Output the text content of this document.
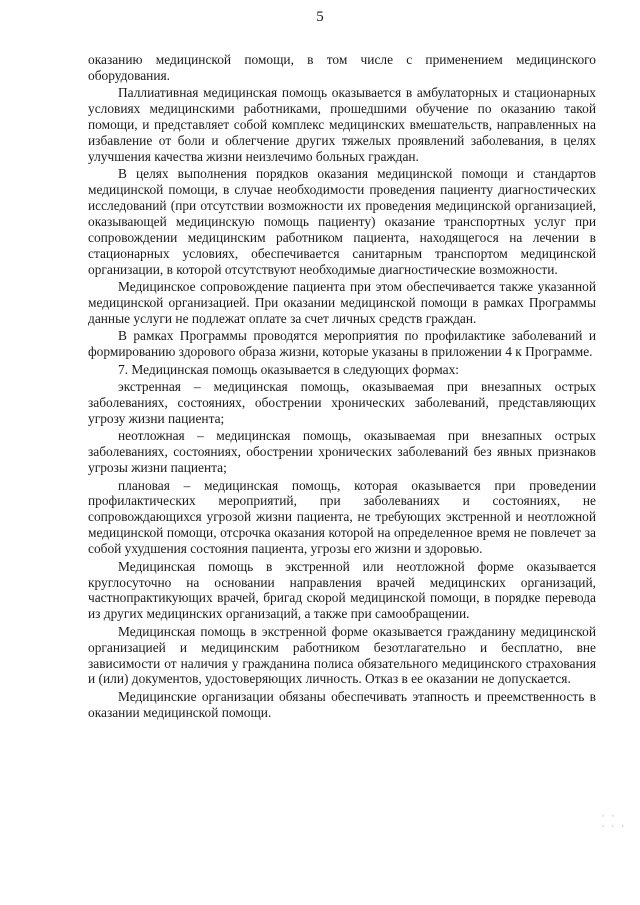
5

оказанию медицинской помощи, в том числе с применением медицинского оборудования.

Паллиативная медицинская помощь оказывается в амбулаторных и стационарных условиях медицинскими работниками, прошедшими обучение по оказанию такой помощи, и представляет собой комплекс медицинских вмешательств, направленных на избавление от боли и облегчение других тяжелых проявлений заболевания, в целях улучшения качества жизни неизлечимо больных граждан.

В целях выполнения порядков оказания медицинской помощи и стандартов медицинской помощи, в случае необходимости проведения пациенту диагностических исследований (при отсутствии возможности их проведения медицинской организацией, оказывающей медицинскую помощь пациенту) оказание транспортных услуг при сопровождении медицинским работником пациента, находящегося на лечении в стационарных условиях, обеспечивается санитарным транспортом медицинской организации, в которой отсутствуют необходимые диагностические возможности.

Медицинское сопровождение пациента при этом обеспечивается также указанной медицинской организацией. При оказании медицинской помощи в рамках Программы данные услуги не подлежат оплате за счет личных средств граждан.

В рамках Программы проводятся мероприятия по профилактике заболеваний и формированию здорового образа жизни, которые указаны в приложении 4 к Программе.

7. Медицинская помощь оказывается в следующих формах:

экстренная – медицинская помощь, оказываемая при внезапных острых заболеваниях, состояниях, обострении хронических заболеваний, представляющих угрозу жизни пациента;

неотложная – медицинская помощь, оказываемая при внезапных острых заболеваниях, состояниях, обострении хронических заболеваний без явных признаков угрозы жизни пациента;

плановая – медицинская помощь, которая оказывается при проведении профилактических мероприятий, при заболеваниях и состояниях, не сопровождающихся угрозой жизни пациента, не требующих экстренной и неотложной медицинской помощи, отсрочка оказания которой на определенное время не повлечет за собой ухудшения состояния пациента, угрозы его жизни и здоровью.

Медицинская помощь в экстренной или неотложной форме оказывается круглосуточно на основании направления врачей медицинских организаций, частнопрактикующих врачей, бригад скорой медицинской помощи, в порядке перевода из других медицинских организаций, а также при самообращении.

Медицинская помощь в экстренной форме оказывается гражданину медицинской организацией и медицинским работником безотлагательно и бесплатно, вне зависимости от наличия у гражданина полиса обязательного медицинского страхования и (или) документов, удостоверяющих личность. Отказ в ее оказании не допускается.

Медицинские организации обязаны обеспечивать этапность и преемственность в оказании медицинской помощи.

· ·
· · ·
